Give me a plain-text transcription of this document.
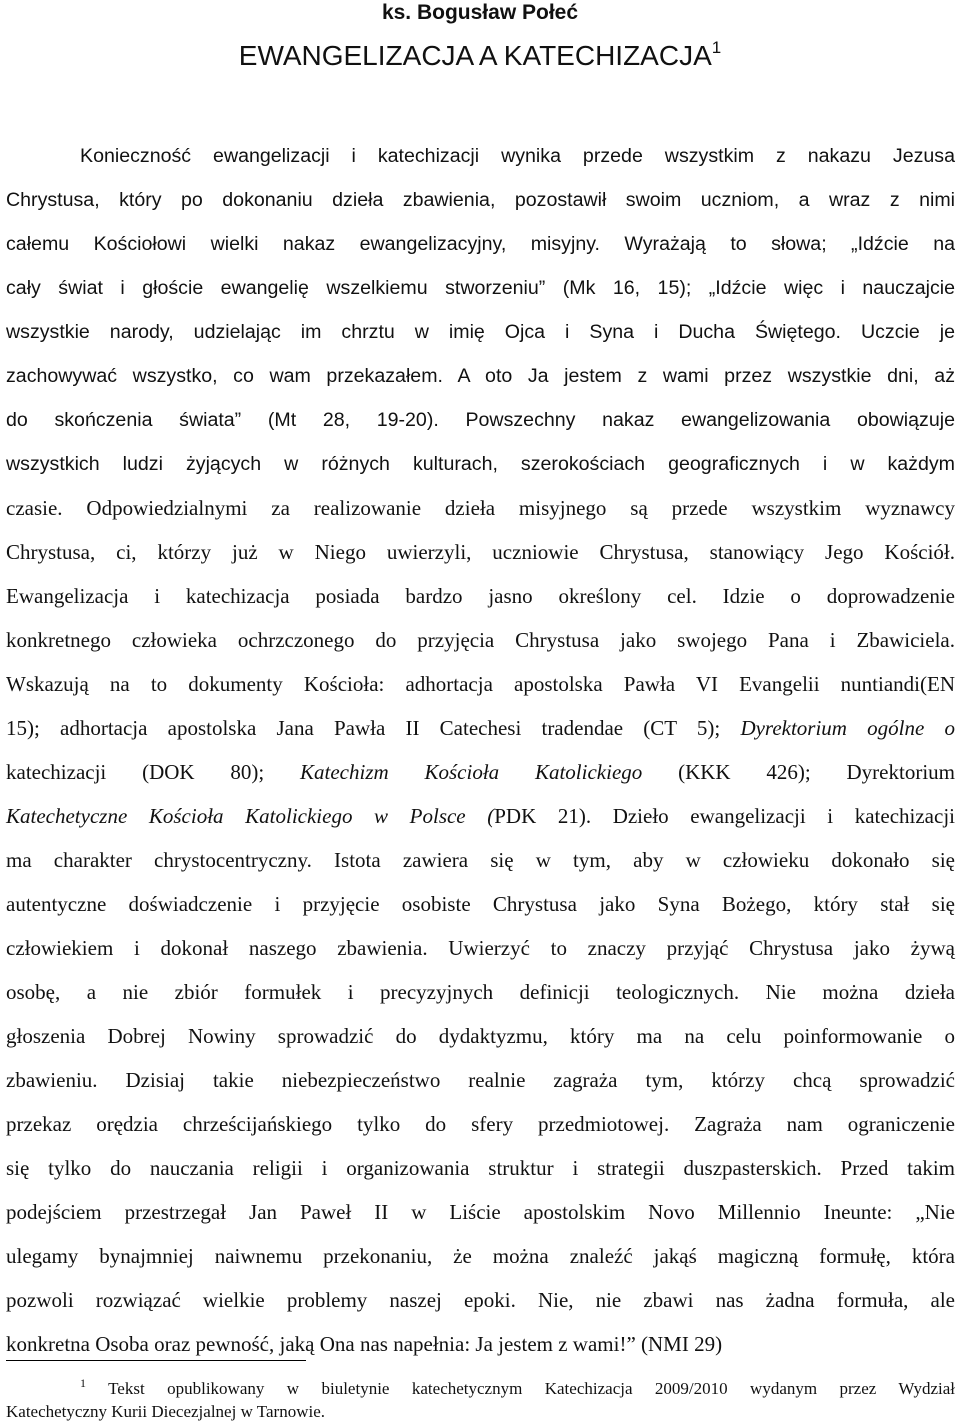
ks. Bogusław Połeć
EWANGELIZACJA A KATECHIZACJA$^1$
Konieczność ewangelizacji i katechizacji wynika przede wszystkim z nakazu Jezusa
Chrystusa, który po dokonaniu dzieła zbawienia, pozostawił swoim uczniom, a wraz z nimi
całemu Kościołowi wielki nakaz ewangelizacyjny, misyjny. Wyrażają to słowa; „Idźcie na
cały świat i głoście ewangelię wszelkiemu stworzeniu” (Mk 16, 15); „Idźcie więc i nauczajcie
wszystkie narody, udzielając im chrztu w imię Ojca i Syna i Ducha Świętego. Uczcie je
zachowywać wszystko, co wam przekazałem. A oto Ja jestem z wami przez wszystkie dni, aż
do skończenia świata” (Mt 28, 19-20). Powszechny nakaz ewangelizowania obowiązuje
wszystkich ludzi żyjących w różnych kulturach, szerokościach geograficznych i w każdym
czasie. Odpowiedzialnymi za realizowanie dzieła misyjnego są przede wszystkim wyznawcy
Chrystusa, ci, którzy już w Niego uwierzyli, uczniowie Chrystusa, stanowiący Jego Kościół.
Ewangelizacja i katechizacja posiada bardzo jasno określony cel. Idzie o doprowadzenie
konkretnego człowieka ochrzczonego do przyjęcia Chrystusa jako swojego Pana i Zbawiciela.
Wskazują na to dokumenty Kościoła: adhortacja apostolska Pawła VI Evangelii nuntiandi(EN
15); adhortacja apostolska Jana Pawła II Catechesi tradendae (CT 5); Dyrektorium ogólne o
katechizacji (DOK 80); Katechizm Kościoła Katolickiego (KKK 426); Dyrektorium
Katechetyczne Kościoła Katolickiego w Polsce (PDK 21). Dzieło ewangelizacji i katechizacji
ma charakter chrystocentryczny. Istota zawiera się w tym, aby w człowieku dokonało się
autentyczne doświadczenie i przyjęcie osobiste Chrystusa jako Syna Bożego, który stał się
człowiekiem i dokonał naszego zbawienia. Uwierzyć to znaczy przyjąć Chrystusa jako żywą
osobę, a nie zbiór formułek i precyzyjnych definicji teologicznych. Nie można dzieła
głoszenia Dobrej Nowiny sprowadzić do dydaktyzmu, który ma na celu poinformowanie o
zbawieniu. Dzisiaj takie niebezpieczeństwo realnie zagraża tym, którzy chcą sprowadzić
przekaz orędzia chrześcijańskiego tylko do sfery przedmiotowej. Zagraża nam ograniczenie
się tylko do nauczania religii i organizowania struktur i strategii duszpasterskich. Przed takim
podejściem przestrzegał Jan Paweł II w Liście apostolskim Novo Millennio Ineunte: „Nie
ulegamy bynajmniej naiwnemu przekonaniu, że można znaleźć jakąś magiczną formułę, która
pozwoli rozwiązać wielkie problemy naszej epoki. Nie, nie zbawi nas żadna formuła, ale
konkretna Osoba oraz pewność, jaką Ona nas napełnia: Ja jestem z wami!” (NMI 29)
$^1$ Tekst opublikowany w biuletynie katechetycznym Katechizacja 2009/2010 wydanym przez Wydział
Katechetyczny Kurii Diecezjalnej w Tarnowie.
